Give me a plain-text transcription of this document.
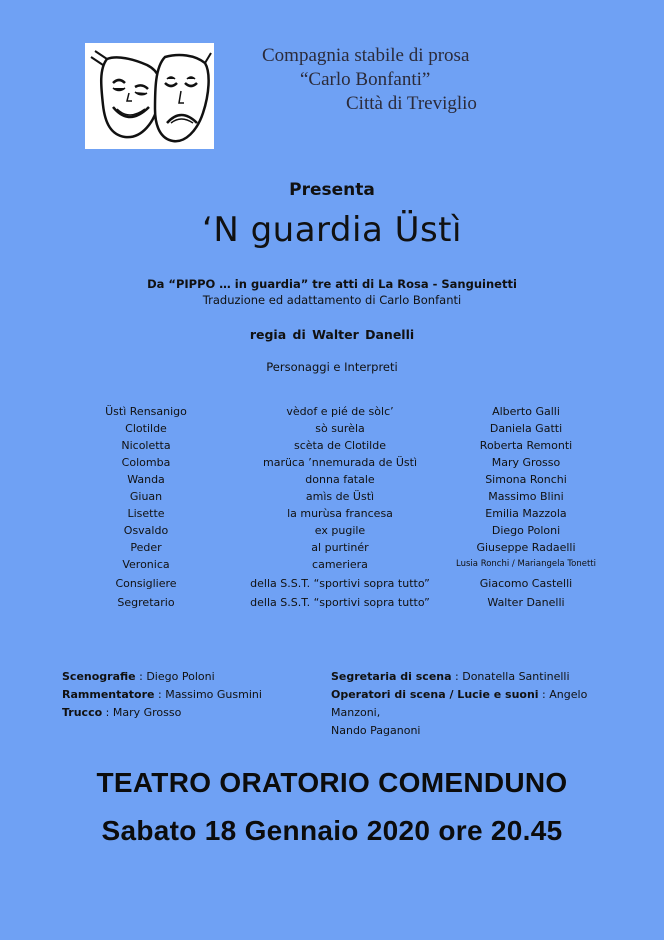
Compagnia stabile di prosa
“Carlo Bonfanti”
Città di Treviglio
Presenta
‘N guardia Üstì
Da “PIPPO … in guardia” tre atti di La Rosa - Sanguinetti
Traduzione ed adattamento di Carlo Bonfanti
regia di Walter Danelli
Personaggi e Interpreti
Üstì Rensanigo	vèdof e pié de sòlc’	Alberto Galli
Clotilde	sò surèla	Daniela Gatti
Nicoletta	scèta de Clotilde	Roberta Remonti
Colomba	marüca ’nnemurada de Üstì	Mary Grosso
Wanda	donna fatale	Simona Ronchi
Giuan	amìs de Üstì	Massimo Blini
Lisette	la murùsa francesa	Emilia Mazzola
Osvaldo	ex pugile	Diego Poloni
Peder	al purtinér	Giuseppe Radaelli
Veronica	cameriera	Lusia Ronchi / Mariangela Tonetti
Consigliere	della S.S.T. “sportivi sopra tutto”	Giacomo Castelli
Segretario	della S.S.T. “sportivi sopra tutto”	Walter Danelli
Scenografie : Diego Poloni
Rammentatore : Massimo Gusmini
Trucco : Mary Grosso
Segretaria di scena : Donatella Santinelli
Operatori di scena / Lucie e suoni : Angelo Manzoni,
Nando Paganoni
TEATRO ORATORIO COMENDUNO
Sabato 18 Gennaio 2020 ore 20.45
